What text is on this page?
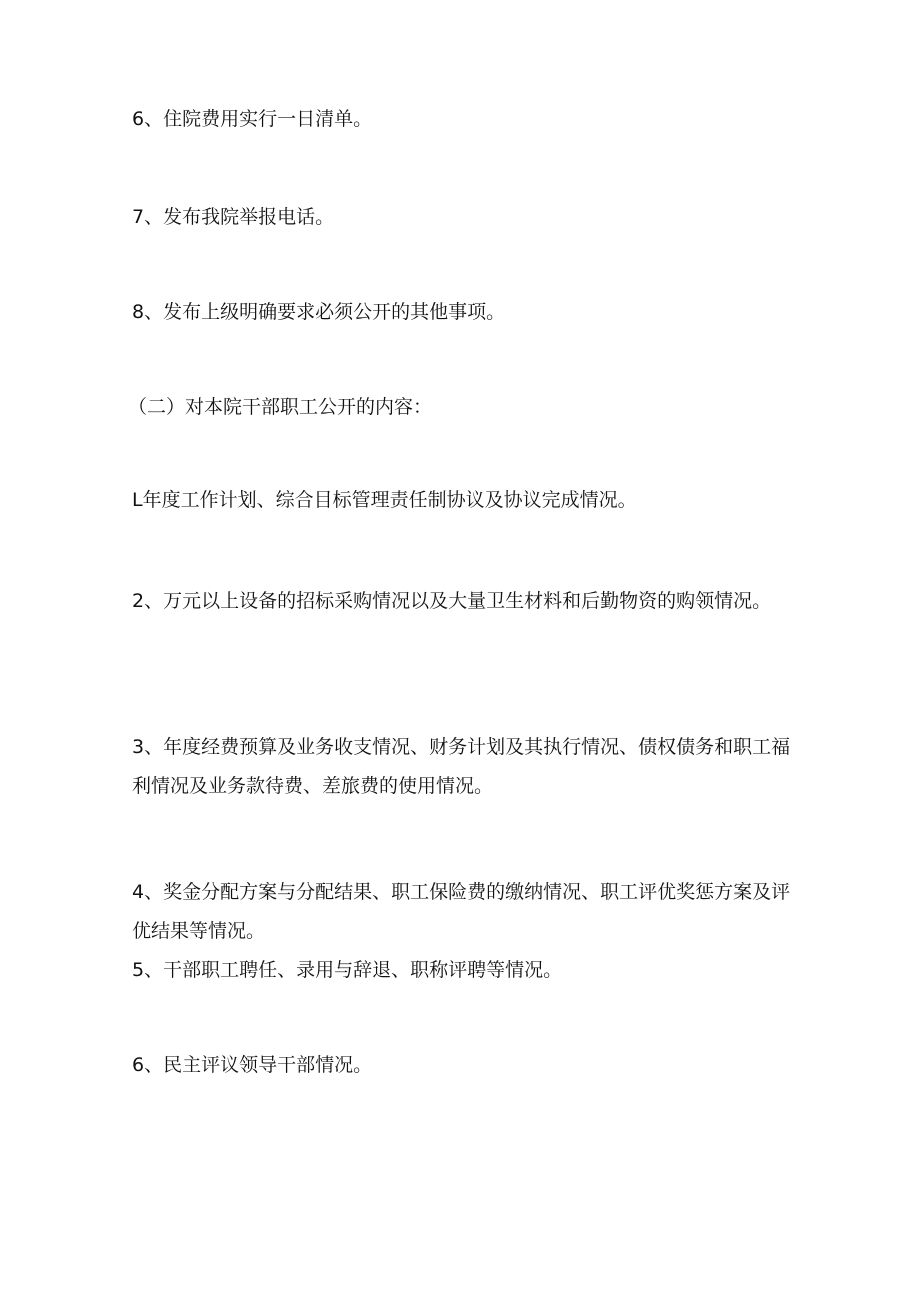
6、住院费用实行一日清单。
7、发布我院举报电话。
8、发布上级明确要求必须公开的其他事项。
（二）对本院干部职工公开的内容：
L年度工作计划、综合目标管理责任制协议及协议完成情况。
2、万元以上设备的招标采购情况以及大量卫生材料和后勤物资的购领情况。
3、年度经费预算及业务收支情况、财务计划及其执行情况、债权债务和职工福利情况及业务款待费、差旅费的使用情况。
4、奖金分配方案与分配结果、职工保险费的缴纳情况、职工评优奖惩方案及评优结果等情况。
5、干部职工聘任、录用与辞退、职称评聘等情况。
6、民主评议领导干部情况。
